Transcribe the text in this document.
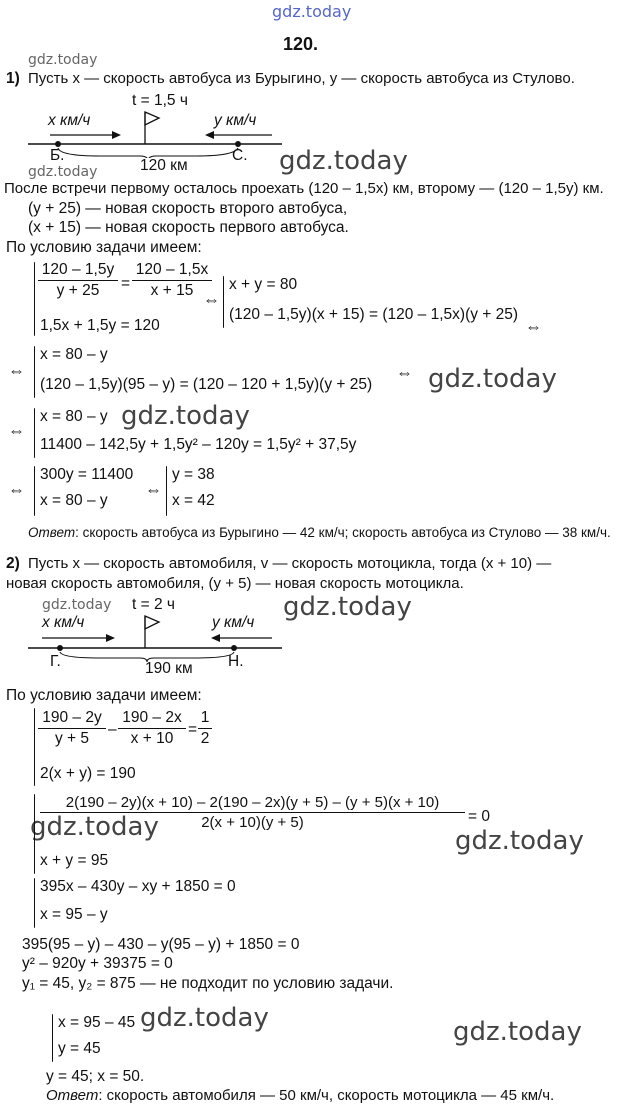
gdz.today
gdz.today
gdz.today
gdz.today
gdz.today
gdz.today
gdz.today	gdz.today
gdz.today	gdz.today
gdz.today	gdz.today
120.
1) Пусть x — скорость автобуса из Бурыгино, y — скорость автобуса из Стулово.
t = 1,5 ч
x км/ч	y км/ч
Б.	С.
120 км
После встречи первому осталось проехать (120 – 1,5x) км, второму — (120 – 1,5y) км.
(y + 25) — новая скорость второго автобуса,
(x + 15) — новая скорость первого автобуса.
По условию задачи имеем:
$\frac{120 - 1,5y}{y + 25} = \frac{120 - 1,5x}{x + 15}$
1,5x + 1,5y = 120
⇔
x + y = 80
(120 – 1,5y)(x + 15) = (120 – 1,5x)(y + 25)
⇔
⇔
x = 80 – y
(120 – 1,5y)(95 – y) = (120 – 120 + 1,5y)(y + 25)
⇔
⇔
x = 80 – y
11400 – 142,5y + 1,5y² – 120y = 1,5y² + 37,5y
⇔
300y = 11400
x = 80 – y
⇔
y = 38
x = 42
Ответ: скорость автобуса из Бурыгино — 42 км/ч; скорость автобуса из Стулово — 38 км/ч.
2) Пусть x — скорость автомобиля, v — скорость мотоцикла, тогда (x + 10) —
новая скорость автомобиля, (y + 5) — новая скорость мотоцикла.
t = 2 ч
x км/ч	y км/ч
Г.	Н.
190 км
По условию задачи имеем:
$\frac{190 - 2y}{y + 5} - \frac{190 - 2x}{x + 10} = \frac{1}{2}$
2(x + y) = 190
$\frac{2(190 - 2y)(x + 10) - 2(190 - 2x)(y + 5) - (y + 5)(x + 10)}{2(x + 10)(y + 5)} = 0$
x + y = 95
395x – 430y – xy + 1850 = 0
x = 95 – y
395(95 – y) – 430 – y(95 – y) + 1850 = 0
y² – 920y + 39375 = 0
y₁ = 45, y₂ = 875 — не подходит по условию задачи.
x = 95 – 45
y = 45
y = 45; x = 50.
Ответ: скорость автомобиля — 50 км/ч, скорость мотоцикла — 45 км/ч.
